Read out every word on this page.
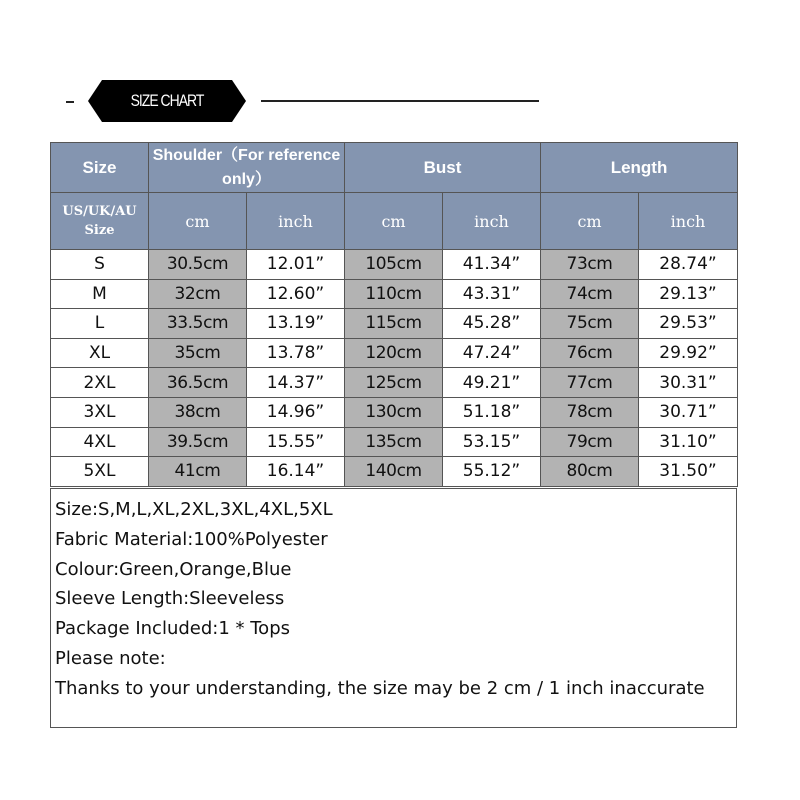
SIZE CHART
Size	Shoulder（For reference only）		Bust		Length	
US/UK/AU
Size	cm	inch	cm	inch	cm	inch
S	30.5cm	12.01”	105cm	41.34”	73cm	28.74”
M	32cm	12.60”	110cm	43.31”	74cm	29.13”
L	33.5cm	13.19”	115cm	45.28”	75cm	29.53”
XL	35cm	13.78”	120cm	47.24”	76cm	29.92”
2XL	36.5cm	14.37”	125cm	49.21”	77cm	30.31”
3XL	38cm	14.96”	130cm	51.18”	78cm	30.71”
4XL	39.5cm	15.55”	135cm	53.15”	79cm	31.10”
5XL	41cm	16.14”	140cm	55.12”	80cm	31.50”
Size:S,M,L,XL,2XL,3XL,4XL,5XL
Fabric Material:100%Polyester
Colour:Green,Orange,Blue
Sleeve Length:Sleeveless
Package Included:1 * Tops
Please note:
Thanks to your understanding, the size may be 2 cm / 1 inch inaccurate
